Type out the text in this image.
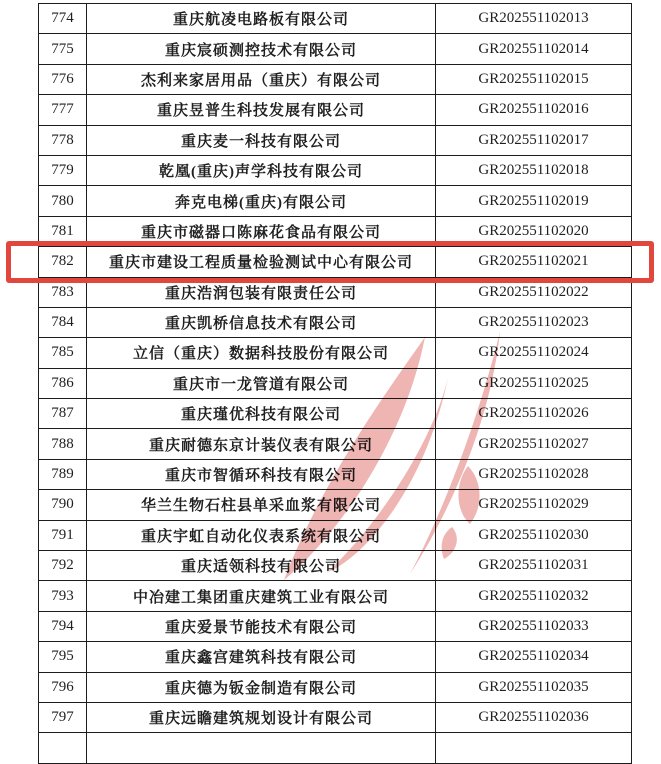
774	重庆航凌电路板有限公司	GR202551102013
775	重庆宸硕测控技术有限公司	GR202551102014
776	杰利来家居用品（重庆）有限公司	GR202551102015
777	重庆昱普生科技发展有限公司	GR202551102016
778	重庆麦一科技有限公司	GR202551102017
779	乾凰(重庆)声学科技有限公司	GR202551102018
780	奔克电梯(重庆)有限公司	GR202551102019
781	重庆市磁器口陈麻花食品有限公司	GR202551102020
782	重庆市建设工程质量检验测试中心有限公司	GR202551102021
783	重庆浩润包装有限责任公司	GR202551102022
784	重庆凯桥信息技术有限公司	GR202551102023
785	立信（重庆）数据科技股份有限公司	GR202551102024
786	重庆市一龙管道有限公司	GR202551102025
787	重庆瑾优科技有限公司	GR202551102026
788	重庆耐德东京计装仪表有限公司	GR202551102027
789	重庆市智循环科技有限公司	GR202551102028
790	华兰生物石柱县单采血浆有限公司	GR202551102029
791	重庆宇虹自动化仪表系统有限公司	GR202551102030
792	重庆适领科技有限公司	GR202551102031
793	中冶建工集团重庆建筑工业有限公司	GR202551102032
794	重庆爱景节能技术有限公司	GR202551102033
795	重庆鑫宫建筑科技有限公司	GR202551102034
796	重庆德为钣金制造有限公司	GR202551102035
797	重庆远瞻建筑规划设计有限公司	GR202551102036
